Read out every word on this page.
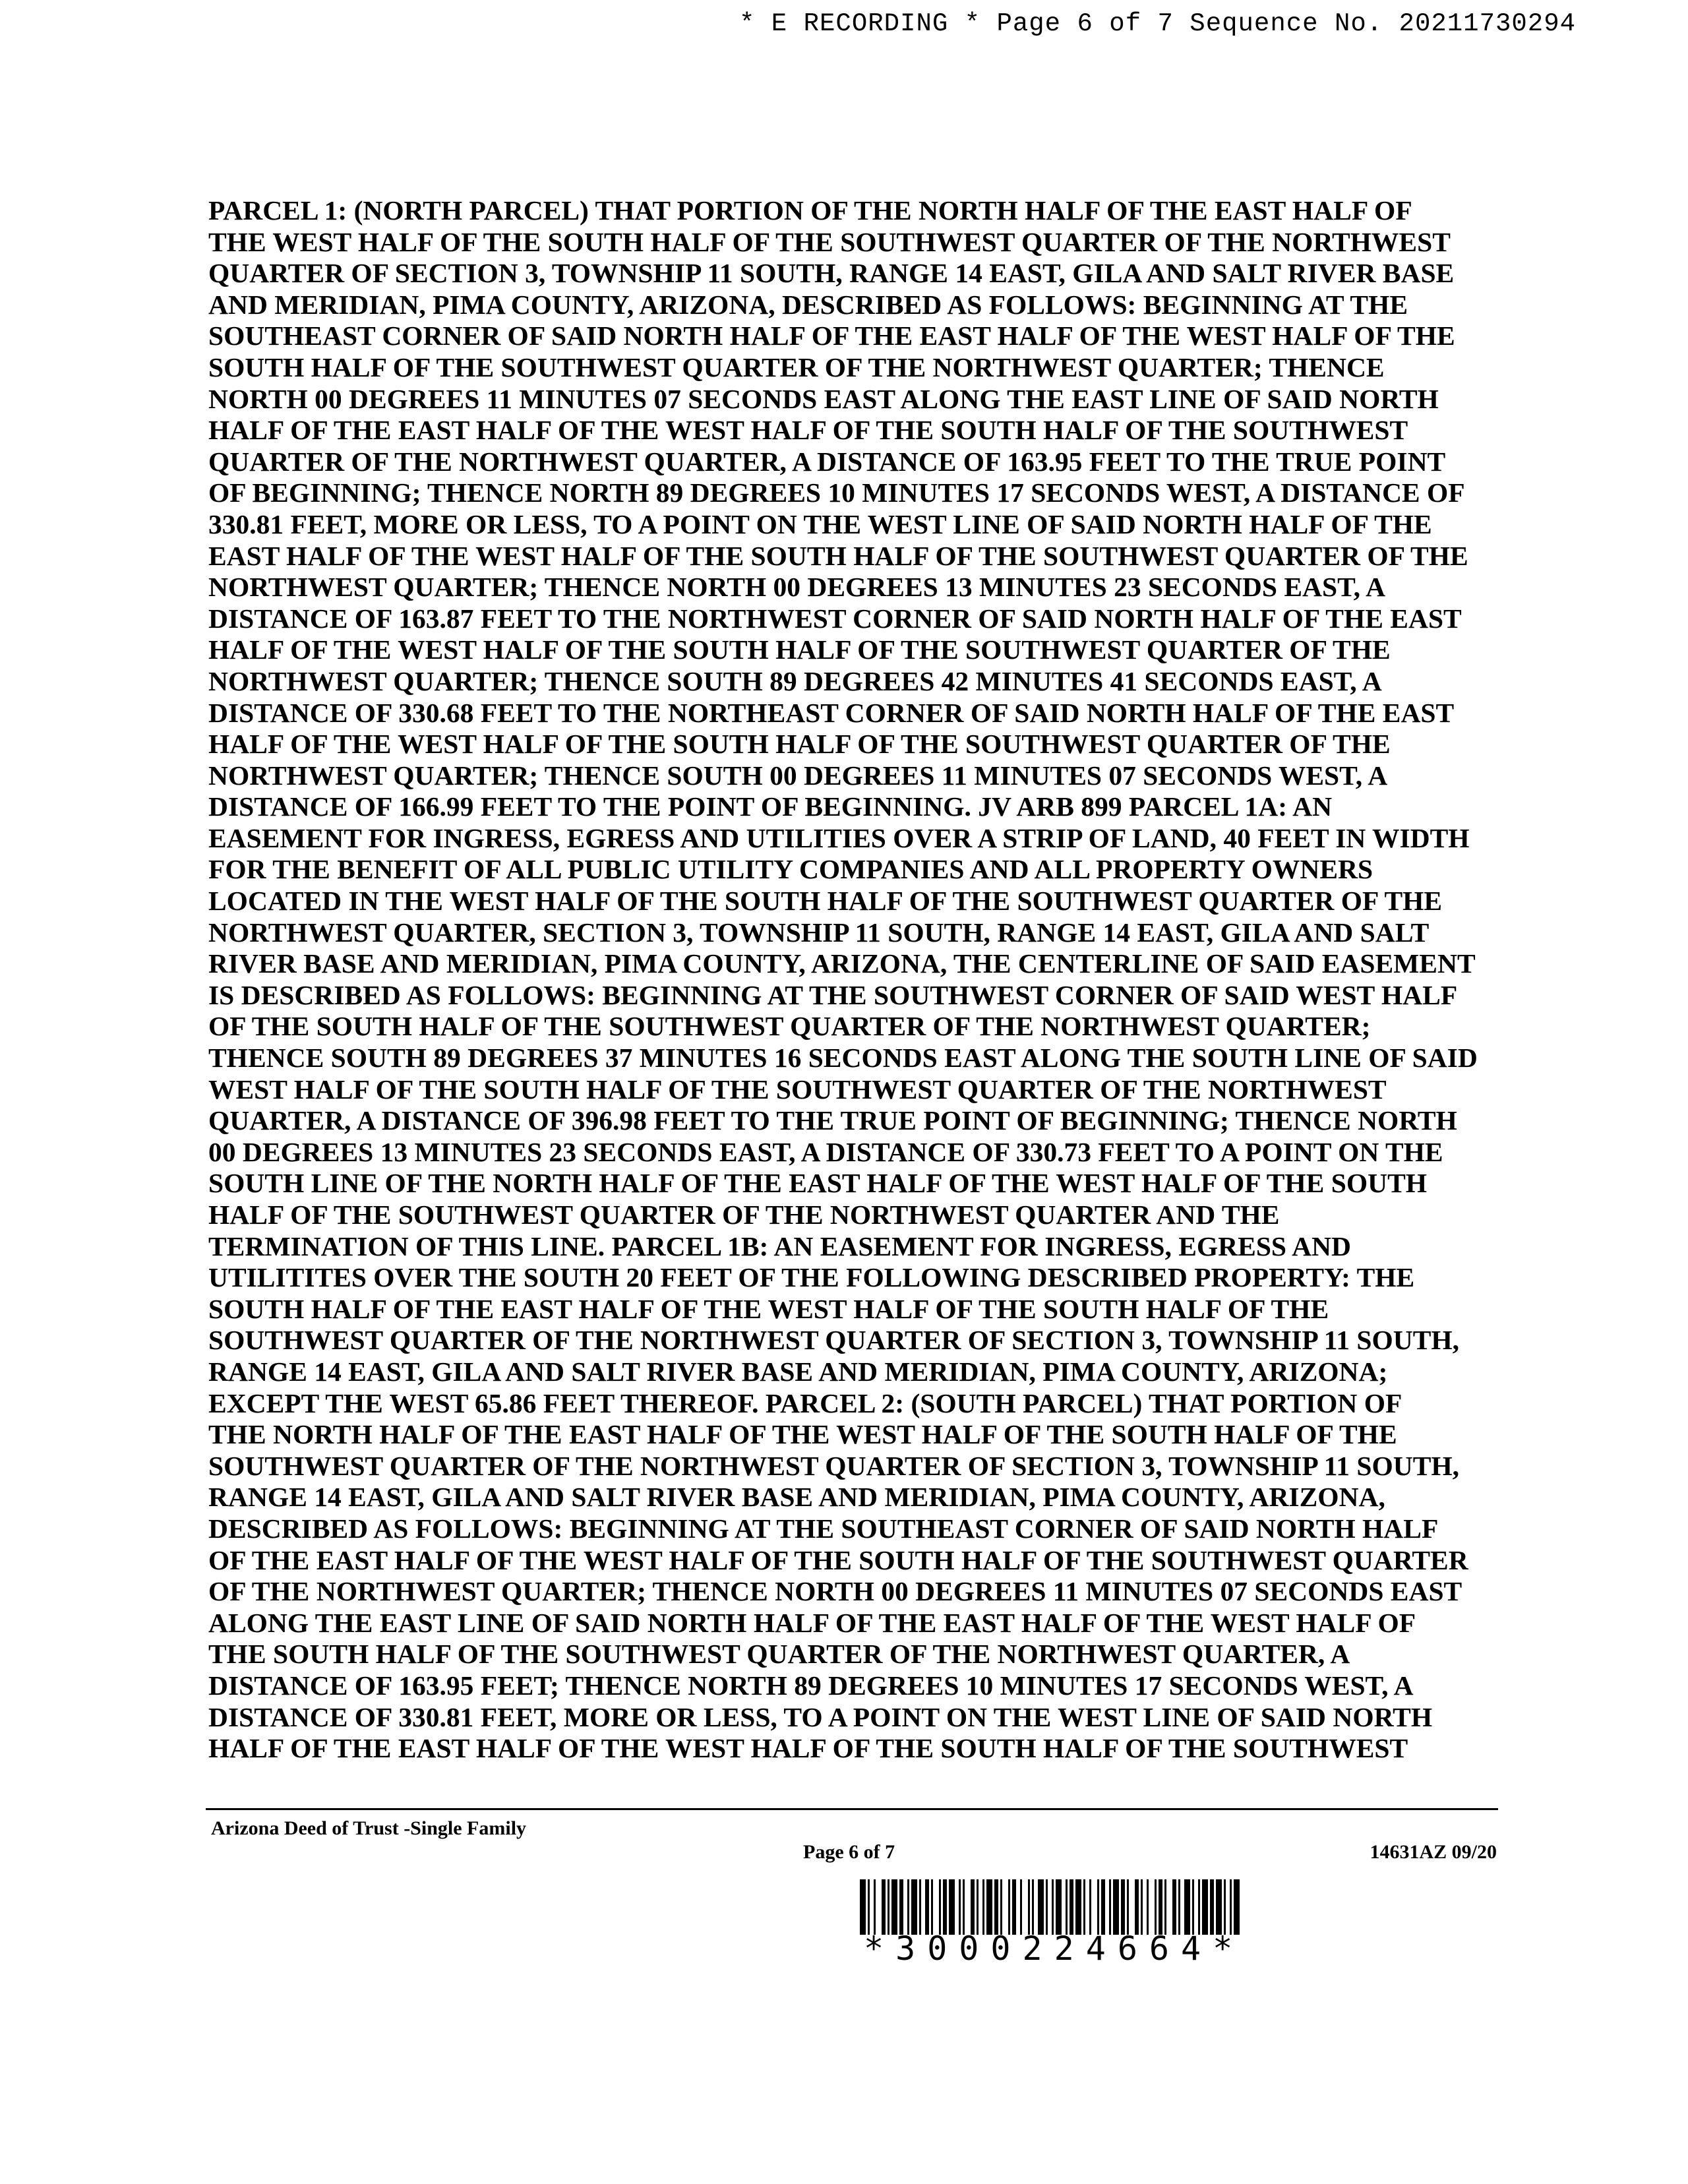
* E RECORDING * Page 6 of 7 Sequence No. 20211730294
PARCEL 1: (NORTH PARCEL) THAT PORTION OF THE NORTH HALF OF THE EAST HALF OF
THE WEST HALF OF THE SOUTH HALF OF THE SOUTHWEST QUARTER OF THE NORTHWEST
QUARTER OF SECTION 3, TOWNSHIP 11 SOUTH, RANGE 14 EAST, GILA AND SALT RIVER BASE
AND MERIDIAN, PIMA COUNTY, ARIZONA, DESCRIBED AS FOLLOWS: BEGINNING AT THE
SOUTHEAST CORNER OF SAID NORTH HALF OF THE EAST HALF OF THE WEST HALF OF THE
SOUTH HALF OF THE SOUTHWEST QUARTER OF THE NORTHWEST QUARTER; THENCE
NORTH 00 DEGREES 11 MINUTES 07 SECONDS EAST ALONG THE EAST LINE OF SAID NORTH
HALF OF THE EAST HALF OF THE WEST HALF OF THE SOUTH HALF OF THE SOUTHWEST
QUARTER OF THE NORTHWEST QUARTER, A DISTANCE OF 163.95 FEET TO THE TRUE POINT
OF BEGINNING; THENCE NORTH 89 DEGREES 10 MINUTES 17 SECONDS WEST, A DISTANCE OF
330.81 FEET, MORE OR LESS, TO A POINT ON THE WEST LINE OF SAID NORTH HALF OF THE
EAST HALF OF THE WEST HALF OF THE SOUTH HALF OF THE SOUTHWEST QUARTER OF THE
NORTHWEST QUARTER; THENCE NORTH 00 DEGREES 13 MINUTES 23 SECONDS EAST, A
DISTANCE OF 163.87 FEET TO THE NORTHWEST CORNER OF SAID NORTH HALF OF THE EAST
HALF OF THE WEST HALF OF THE SOUTH HALF OF THE SOUTHWEST QUARTER OF THE
NORTHWEST QUARTER; THENCE SOUTH 89 DEGREES 42 MINUTES 41 SECONDS EAST, A
DISTANCE OF 330.68 FEET TO THE NORTHEAST CORNER OF SAID NORTH HALF OF THE EAST
HALF OF THE WEST HALF OF THE SOUTH HALF OF THE SOUTHWEST QUARTER OF THE
NORTHWEST QUARTER; THENCE SOUTH 00 DEGREES 11 MINUTES 07 SECONDS WEST, A
DISTANCE OF 166.99 FEET TO THE POINT OF BEGINNING. JV ARB 899 PARCEL 1A: AN
EASEMENT FOR INGRESS, EGRESS AND UTILITIES OVER A STRIP OF LAND, 40 FEET IN WIDTH
FOR THE BENEFIT OF ALL PUBLIC UTILITY COMPANIES AND ALL PROPERTY OWNERS
LOCATED IN THE WEST HALF OF THE SOUTH HALF OF THE SOUTHWEST QUARTER OF THE
NORTHWEST QUARTER, SECTION 3, TOWNSHIP 11 SOUTH, RANGE 14 EAST, GILA AND SALT
RIVER BASE AND MERIDIAN, PIMA COUNTY, ARIZONA, THE CENTERLINE OF SAID EASEMENT
IS DESCRIBED AS FOLLOWS: BEGINNING AT THE SOUTHWEST CORNER OF SAID WEST HALF
OF THE SOUTH HALF OF THE SOUTHWEST QUARTER OF THE NORTHWEST QUARTER;
THENCE SOUTH 89 DEGREES 37 MINUTES 16 SECONDS EAST ALONG THE SOUTH LINE OF SAID
WEST HALF OF THE SOUTH HALF OF THE SOUTHWEST QUARTER OF THE NORTHWEST
QUARTER, A DISTANCE OF 396.98 FEET TO THE TRUE POINT OF BEGINNING; THENCE NORTH
00 DEGREES 13 MINUTES 23 SECONDS EAST, A DISTANCE OF 330.73 FEET TO A POINT ON THE
SOUTH LINE OF THE NORTH HALF OF THE EAST HALF OF THE WEST HALF OF THE SOUTH
HALF OF THE SOUTHWEST QUARTER OF THE NORTHWEST QUARTER AND THE
TERMINATION OF THIS LINE. PARCEL 1B: AN EASEMENT FOR INGRESS, EGRESS AND
UTILITITES OVER THE SOUTH 20 FEET OF THE FOLLOWING DESCRIBED PROPERTY: THE
SOUTH HALF OF THE EAST HALF OF THE WEST HALF OF THE SOUTH HALF OF THE
SOUTHWEST QUARTER OF THE NORTHWEST QUARTER OF SECTION 3, TOWNSHIP 11 SOUTH,
RANGE 14 EAST, GILA AND SALT RIVER BASE AND MERIDIAN, PIMA COUNTY, ARIZONA;
EXCEPT THE WEST 65.86 FEET THEREOF. PARCEL 2: (SOUTH PARCEL) THAT PORTION OF
THE NORTH HALF OF THE EAST HALF OF THE WEST HALF OF THE SOUTH HALF OF THE
SOUTHWEST QUARTER OF THE NORTHWEST QUARTER OF SECTION 3, TOWNSHIP 11 SOUTH,
RANGE 14 EAST, GILA AND SALT RIVER BASE AND MERIDIAN, PIMA COUNTY, ARIZONA,
DESCRIBED AS FOLLOWS: BEGINNING AT THE SOUTHEAST CORNER OF SAID NORTH HALF
OF THE EAST HALF OF THE WEST HALF OF THE SOUTH HALF OF THE SOUTHWEST QUARTER
OF THE NORTHWEST QUARTER; THENCE NORTH 00 DEGREES 11 MINUTES 07 SECONDS EAST
ALONG THE EAST LINE OF SAID NORTH HALF OF THE EAST HALF OF THE WEST HALF OF
THE SOUTH HALF OF THE SOUTHWEST QUARTER OF THE NORTHWEST QUARTER, A
DISTANCE OF 163.95 FEET; THENCE NORTH 89 DEGREES 10 MINUTES 17 SECONDS WEST, A
DISTANCE OF 330.81 FEET, MORE OR LESS, TO A POINT ON THE WEST LINE OF SAID NORTH
HALF OF THE EAST HALF OF THE WEST HALF OF THE SOUTH HALF OF THE SOUTHWEST
Arizona Deed of Trust -Single Family
Page 6 of 7	14631AZ 09/20
*3000224664*
